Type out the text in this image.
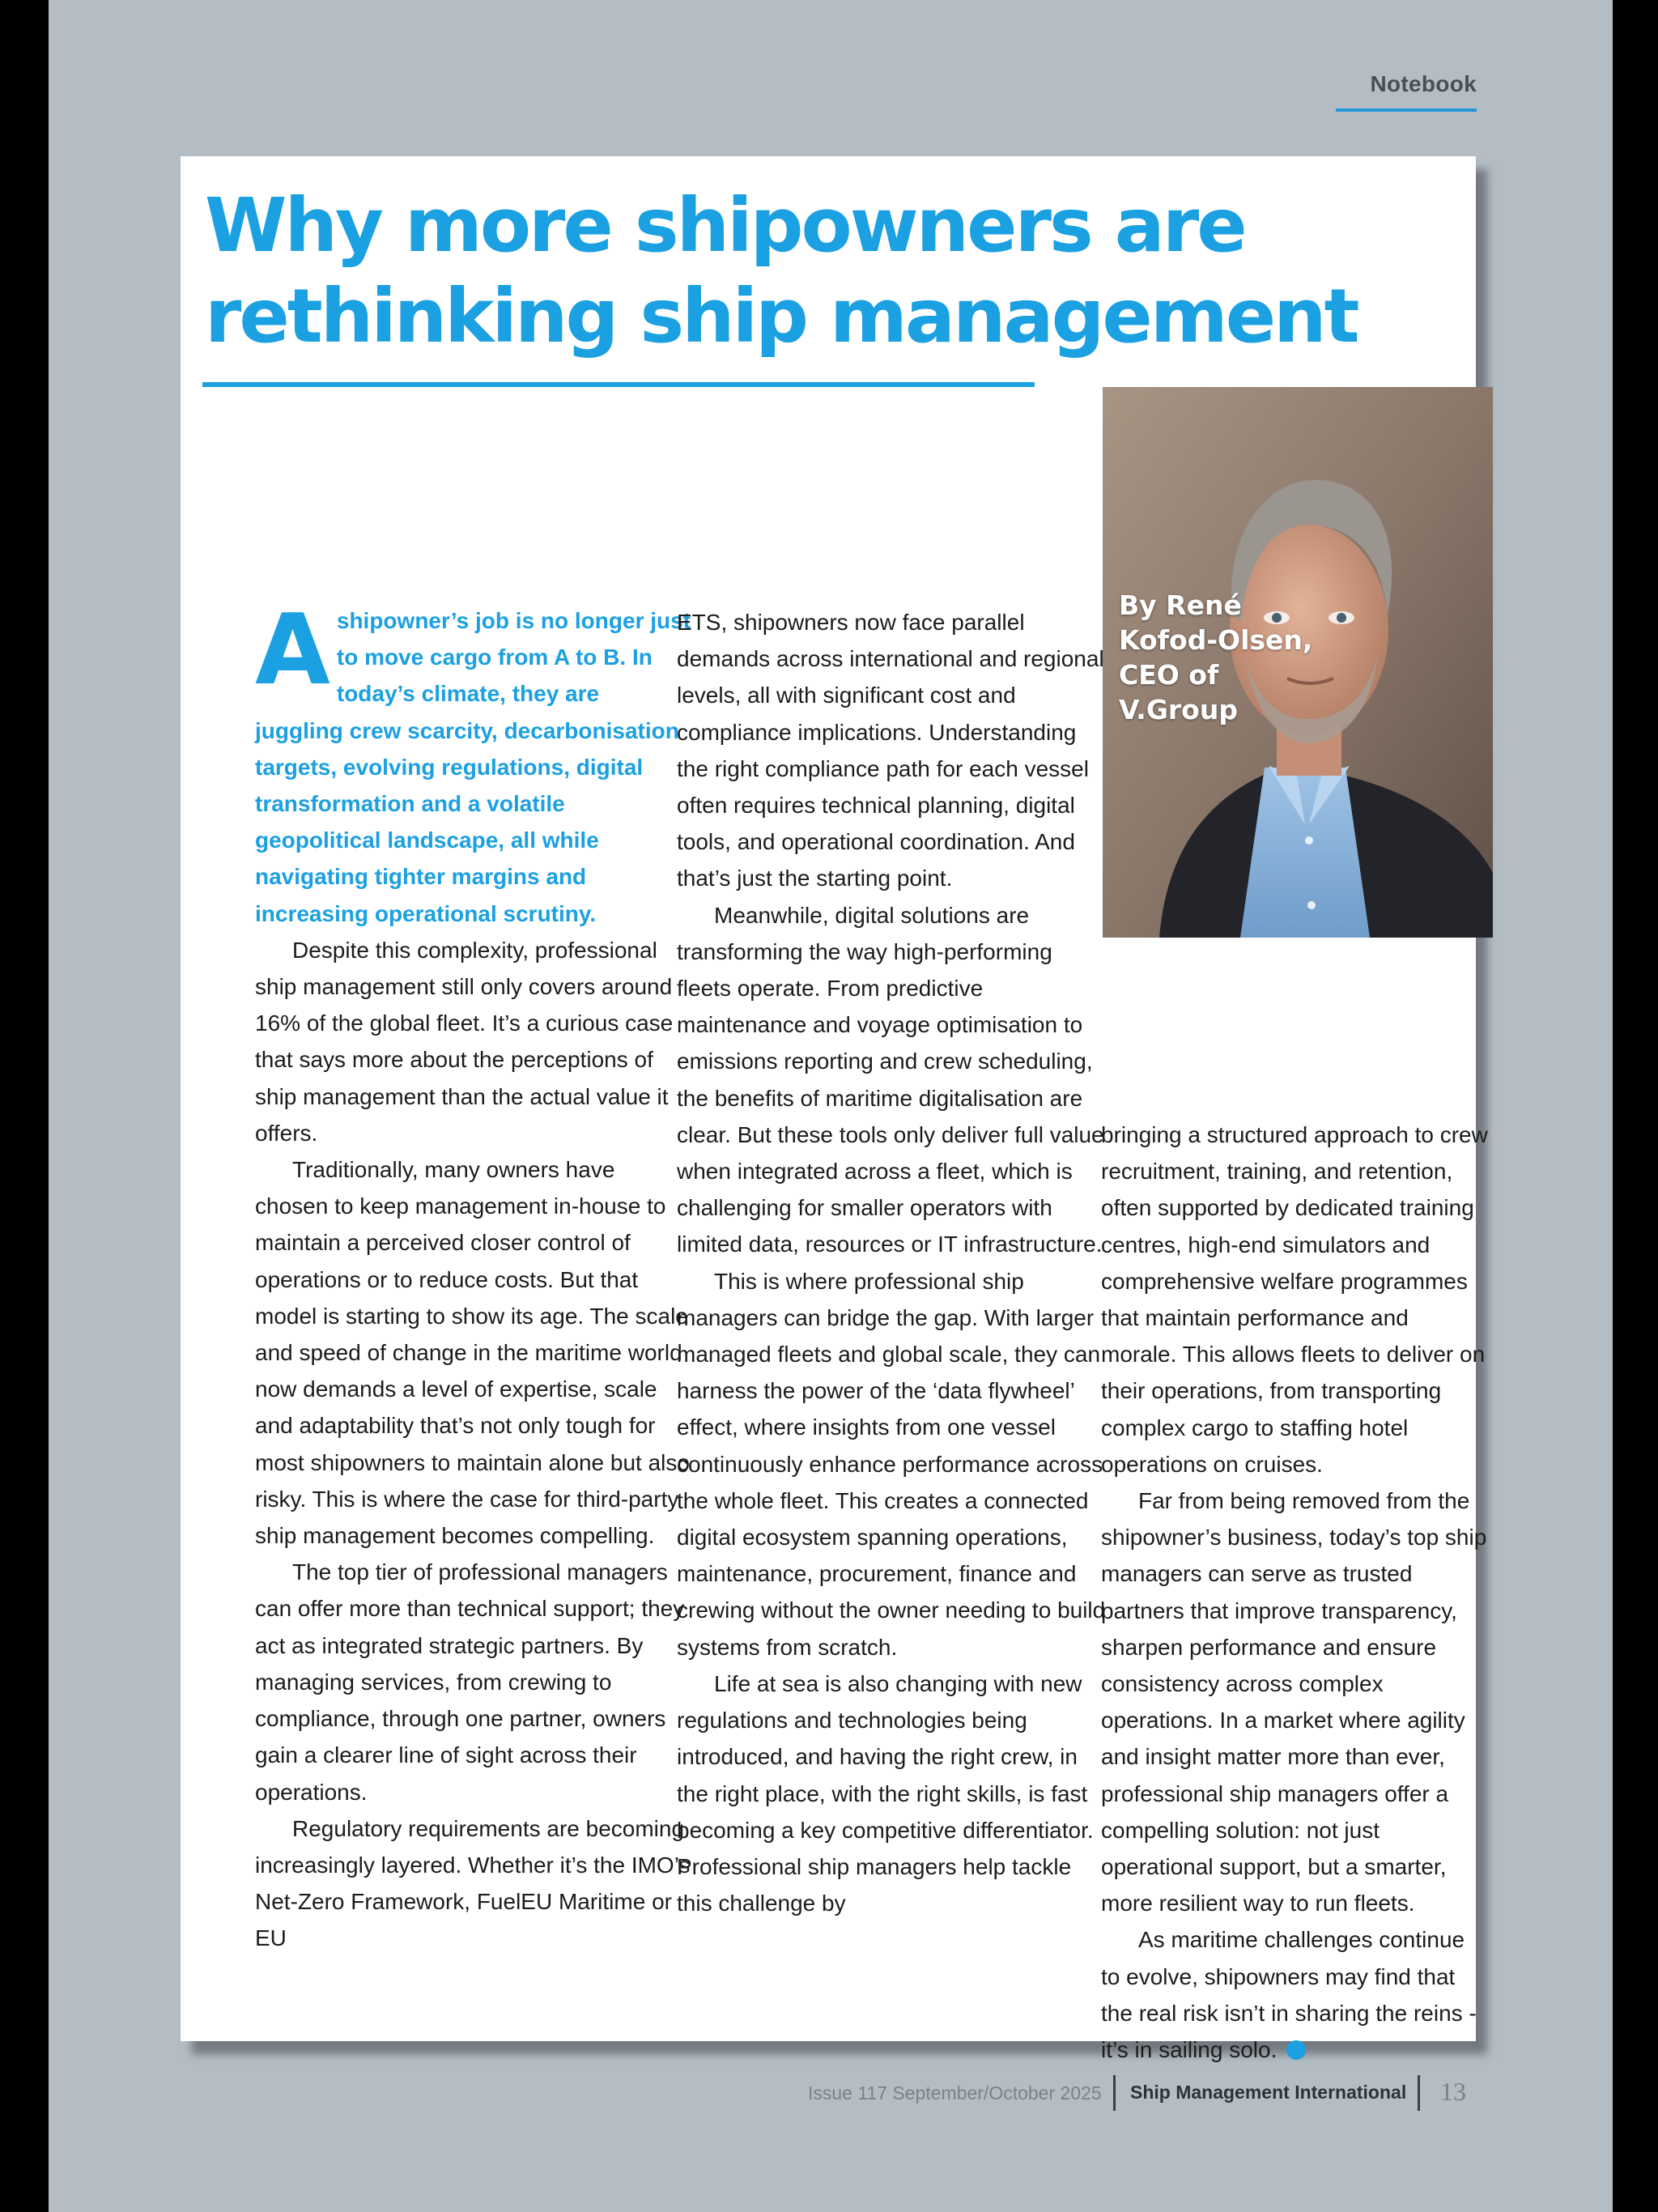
Notebook
Why more shipowners are rethinking ship management

By René Kofod-Olsen, CEO of V.Group

Ashipowner’s job is no longer just to move cargo from A to B. In today’s climate, they are juggling crew scarcity, decarbonisation targets, evolving regulations, digital transformation and a volatile geopolitical landscape, all while navigating tighter margins and increasing operational scrutiny.

Despite this complexity, professional ship management still only covers around 16% of the global fleet. It’s a curious case that says more about the perceptions of ship management than the actual value it offers.

Traditionally, many owners have chosen to keep management in-house to maintain a perceived closer control of operations or to reduce costs. But that model is starting to show its age. The scale and speed of change in the maritime world now demands a level of expertise, scale and adaptability that’s not only tough for most shipowners to maintain alone but also risky. This is where the case for third-party ship management becomes compelling.

The top tier of professional managers can offer more than technical support; they act as integrated strategic partners. By managing services, from crewing to compliance, through one partner, owners gain a clearer line of sight across their operations.

Regulatory requirements are becoming increasingly layered. Whether it’s the IMO’s Net-Zero Framework, FuelEU Maritime or EU

ETS, shipowners now face parallel demands across international and regional levels, all with significant cost and compliance implications. Understanding the right compliance path for each vessel often requires technical planning, digital tools, and operational coordination. And that’s just the starting point.

Meanwhile, digital solutions are transforming the way high-performing fleets operate. From predictive maintenance and voyage optimisation to emissions reporting and crew scheduling, the benefits of maritime digitalisation are clear. But these tools only deliver full value when integrated across a fleet, which is challenging for smaller operators with limited data, resources or IT infrastructure.

This is where professional ship managers can bridge the gap. With larger managed fleets and global scale, they can harness the power of the ‘data flywheel’ effect, where insights from one vessel continuously enhance performance across the whole fleet. This creates a connected digital ecosystem spanning operations, maintenance, procurement, finance and crewing without the owner needing to build systems from scratch.

Life at sea is also changing with new regulations and technologies being introduced, and having the right crew, in the right place, with the right skills, is fast becoming a key competitive differentiator. Professional ship managers help tackle this challenge by

bringing a structured approach to crew recruitment, training, and retention, often supported by dedicated training centres, high-end simulators and comprehensive welfare programmes that maintain performance and morale. This allows fleets to deliver on their operations, from transporting complex cargo to staffing hotel operations on cruises.

Far from being removed from the shipowner’s business, today’s top ship managers can serve as trusted partners that improve transparency, sharpen performance and ensure consistency across complex operations. In a market where agility and insight matter more than ever, professional ship managers offer a compelling solution: not just operational support, but a smarter, more resilient way to run fleets.

As maritime challenges continue to evolve, shipowners may find that the real risk isn’t in sharing the reins - it’s in sailing solo.

Issue 117 September/October 2025 Ship Management International 13
